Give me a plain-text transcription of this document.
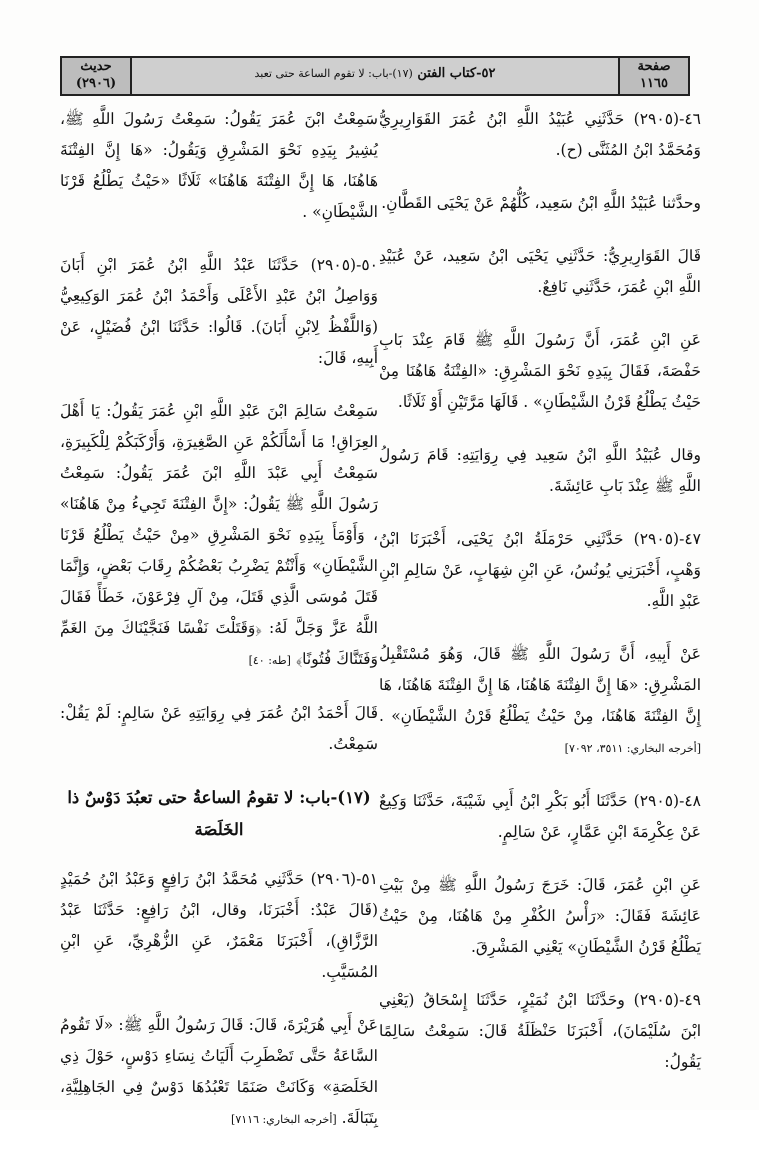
صفحة
١١٦٥
٥٢-كتاب الفتن (١٧)-باب: لا تقوم الساعة حتى تعبد
حديث
(٢٩٠٦)

٤٦-(٢٩٠٥) حَدَّثَنِي عُبَيْدُ اللَّهِ ابْنُ عُمَرَ القَوَارِيرِيُّ وَمُحَمَّدُ ابْنُ المُثَنَّى (ح).

وحدَّثنا عُبَيْدُ اللَّهِ ابْنُ سَعِيد، كُلُّهُمْ عَنْ يَحْيَى القَطَّانِ.

قَالَ القَوَارِيرِيُّ: حَدَّثَنِي يَحْيَى ابْنُ سَعِيد، عَنْ عُبَيْدِ اللَّهِ ابْنِ عُمَرَ، حَدَّثَنِي نَافِعٌ.

عَنِ ابْنِ عُمَرَ، أَنَّ رَسُولَ اللَّهِ ﷺ قَامَ عِنْدَ بَابِ حَفْصَةَ، فَقَالَ بِيَدِهِ نَحْوَ المَشْرِقِ: «الفِتْنَةُ هَاهُنَا مِنْ حَيْثُ يَطْلُعُ قَرْنُ الشَّيْطَانِ» . قَالَهَا مَرَّتَيْنِ أَوْ ثَلَاثًا.

وقال عُبَيْدُ اللَّهِ ابْنُ سَعِيد فِي رِوَايَتِهِ: قَامَ رَسُولُ اللَّهِ ﷺ عِنْدَ بَابِ عَائِشَةَ.

٤٧-(٢٩٠٥) حَدَّثَنِي حَرْمَلَةُ ابْنُ يَحْيَى، أَخْبَرَنَا ابْنُ وَهْبٍ، أَخْبَرَنِي يُونُسُ، عَنِ ابْنِ شِهَابٍ، عَنْ سَالِمِ ابْنِ عَبْدِ اللَّهِ.

عَنْ أَبِيهِ، أَنَّ رَسُولَ اللَّهِ ﷺ قَالَ، وَهُوَ مُسْتَقْبِلُ المَشْرِقِ: «هَا إِنَّ الفِتْنَةَ هَاهُنَا، هَا إِنَّ الفِتْنَةَ هَاهُنَا، هَا إِنَّ الفِتْنَةَ هَاهُنَا، مِنْ حَيْثُ يَطْلُعُ قَرْنُ الشَّيْطَانِ» . [أخرجه البخاري: ٣٥١١، ٧٠٩٢]

٤٨-(٢٩٠٥) حَدَّثَنَا أَبُو بَكْرِ ابْنُ أَبِي شَيْبَةَ، حَدَّثَنَا وَكِيعٌ عَنْ عِكْرِمَةَ ابْنِ عَمَّارٍ، عَنْ سَالِمٍ.

عَنِ ابْنِ عُمَرَ، قَالَ: خَرَجَ رَسُولُ اللَّهِ ﷺ مِنْ بَيْتِ عَائِشَةَ فَقَالَ: «رَأْسُ الكُفْرِ مِنْ هَاهُنَا، مِنْ حَيْثُ يَطْلُعُ قَرْنُ الشَّيْطَانِ» يَعْنِي المَشْرِقَ.

٤٩-(٢٩٠٥) وحَدَّثَنَا ابْنُ نُمَيْرٍ، حَدَّثَنَا إِسْحَاقُ (يَعْنِي ابْنَ سُلَيْمَانَ)، أَخْبَرَنَا حَنْظَلَةُ قَالَ: سَمِعْتُ سَالِمًا يَقُولُ:

سَمِعْتُ ابْنَ عُمَرَ يَقُولُ: سَمِعْتُ رَسُولَ اللَّهِ ﷺ، يُشِيرُ بِيَدِهِ نَحْوَ المَشْرِقِ وَيَقُولُ: «هَا إِنَّ الفِتْنَةَ هَاهُنَا، هَا إِنَّ الفِتْنَةَ هَاهُنَا» ثَلَاثًا «حَيْثُ يَطْلُعُ قَرْنَا الشَّيْطَانِ» .

٥٠-(٢٩٠٥) حَدَّثَنَا عَبْدُ اللَّهِ ابْنُ عُمَرَ ابْنِ أَبَانَ وَوَاصِلُ ابْنُ عَبْدِ الأَعْلَى وَأَحْمَدُ ابْنُ عُمَرَ الوَكِيعِيُّ (وَاللَّفْظُ لِابْنِ أَبَانَ). قَالُوا: حَدَّثَنَا ابْنُ فُضَيْلٍ، عَنْ أَبِيهِ، قَالَ:

سَمِعْتُ سَالِمَ ابْنَ عَبْدِ اللَّهِ ابْنِ عُمَرَ يَقُولُ: يَا أَهْلَ العِرَاقِ! مَا أَسْأَلَكُمْ عَنِ الصَّغِيرَةِ، وَأَرْكَبَكُمْ لِلْكَبِيرَةِ، سَمِعْتُ أَبِي عَبْدَ اللَّهِ ابْنَ عُمَرَ يَقُولُ: سَمِعْتُ رَسُولَ اللَّهِ ﷺ يَقُولُ: «إِنَّ الفِتْنَةَ تَجِيءُ مِنْ هَاهُنَا» ، وَأَوْمَأَ بِيَدِهِ نَحْوَ المَشْرِقِ «مِنْ حَيْثُ يَطْلُعُ قَرْنَا الشَّيْطَانِ» وَأَنْتُمْ يَضْرِبُ بَعْضُكُمْ رِقَابَ بَعْضٍ، وَإِنَّمَا قَتَلَ مُوسَى الَّذِي قَتَلَ، مِنْ آلِ فِرْعَوْنَ، خَطَأً فَقَالَ اللَّهُ عَزَّ وَجَلَّ لَهُ: ﴿وَقَتَلْتَ نَفْسًا فَنَجَّيْنَاكَ مِنَ الغَمِّ وَفَتَنَّاكَ فُتُونًا﴾ [طه: ٤٠]

قَالَ أَحْمَدُ ابْنُ عُمَرَ فِي رِوَايَتِهِ عَنْ سَالِمٍ: لَمْ يَقُلْ: سَمِعْتُ.

(١٧)-باب: لا تقومُ الساعةُ حتى تعبُدَ دَوْسٌ ذا الخَلَصَة

٥١-(٢٩٠٦) حَدَّثَنِي مُحَمَّدُ ابْنُ رَافِعٍ وَعَبْدُ ابْنُ حُمَيْدٍ (قَالَ عَبْدٌ: أَخْبَرَنَا، وقال، ابْنُ رَافِعٍ: حَدَّثَنَا عَبْدُ الرَّزَّاقِ)، أَخْبَرَنَا مَعْمَرٌ، عَنِ الزُّهْرِيِّ، عَنِ ابْنِ المُسَيَّبِ.

عَنْ أَبِي هُرَيْرَةَ، قَالَ: قَالَ رَسُولُ اللَّهِ ﷺ: «لَا تَقُومُ السَّاعَةُ حَتَّى تَضْطَرِبَ أَلَيَاتُ نِسَاءِ دَوْسٍ، حَوْلَ ذِي الخَلَصَةِ» وَكَانَتْ صَنَمًا تَعْبُدُهَا دَوْسٌ فِي الجَاهِلِيَّةِ، بِتَبَالَةَ. [أخرجه البخاري: ٧١١٦]
